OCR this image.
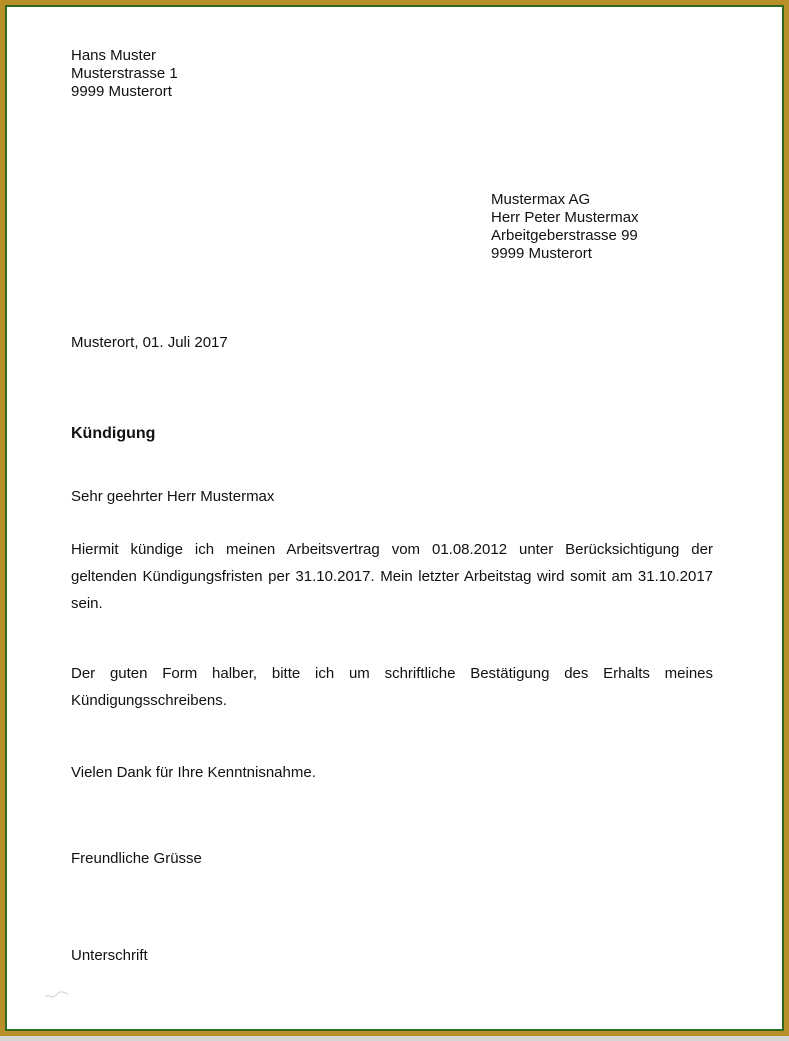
Hans Muster
Musterstrasse 1
9999 Musterort
Mustermax AG
Herr Peter Mustermax
Arbeitgeberstrasse 99
9999 Musterort
Musterort, 01. Juli 2017
Kündigung
Sehr geehrter Herr Mustermax
Hiermit kündige ich meinen Arbeitsvertrag vom 01.08.2012 unter Berücksichtigung der geltenden Kündigungsfristen per 31.10.2017. Mein letzter Arbeitstag wird somit am 31.10.2017 sein.
Der guten Form halber, bitte ich um schriftliche Bestätigung des Erhalts meines Kündigungsschreibens.
Vielen Dank für Ihre Kenntnisnahme.
Freundliche Grüsse
Unterschrift
